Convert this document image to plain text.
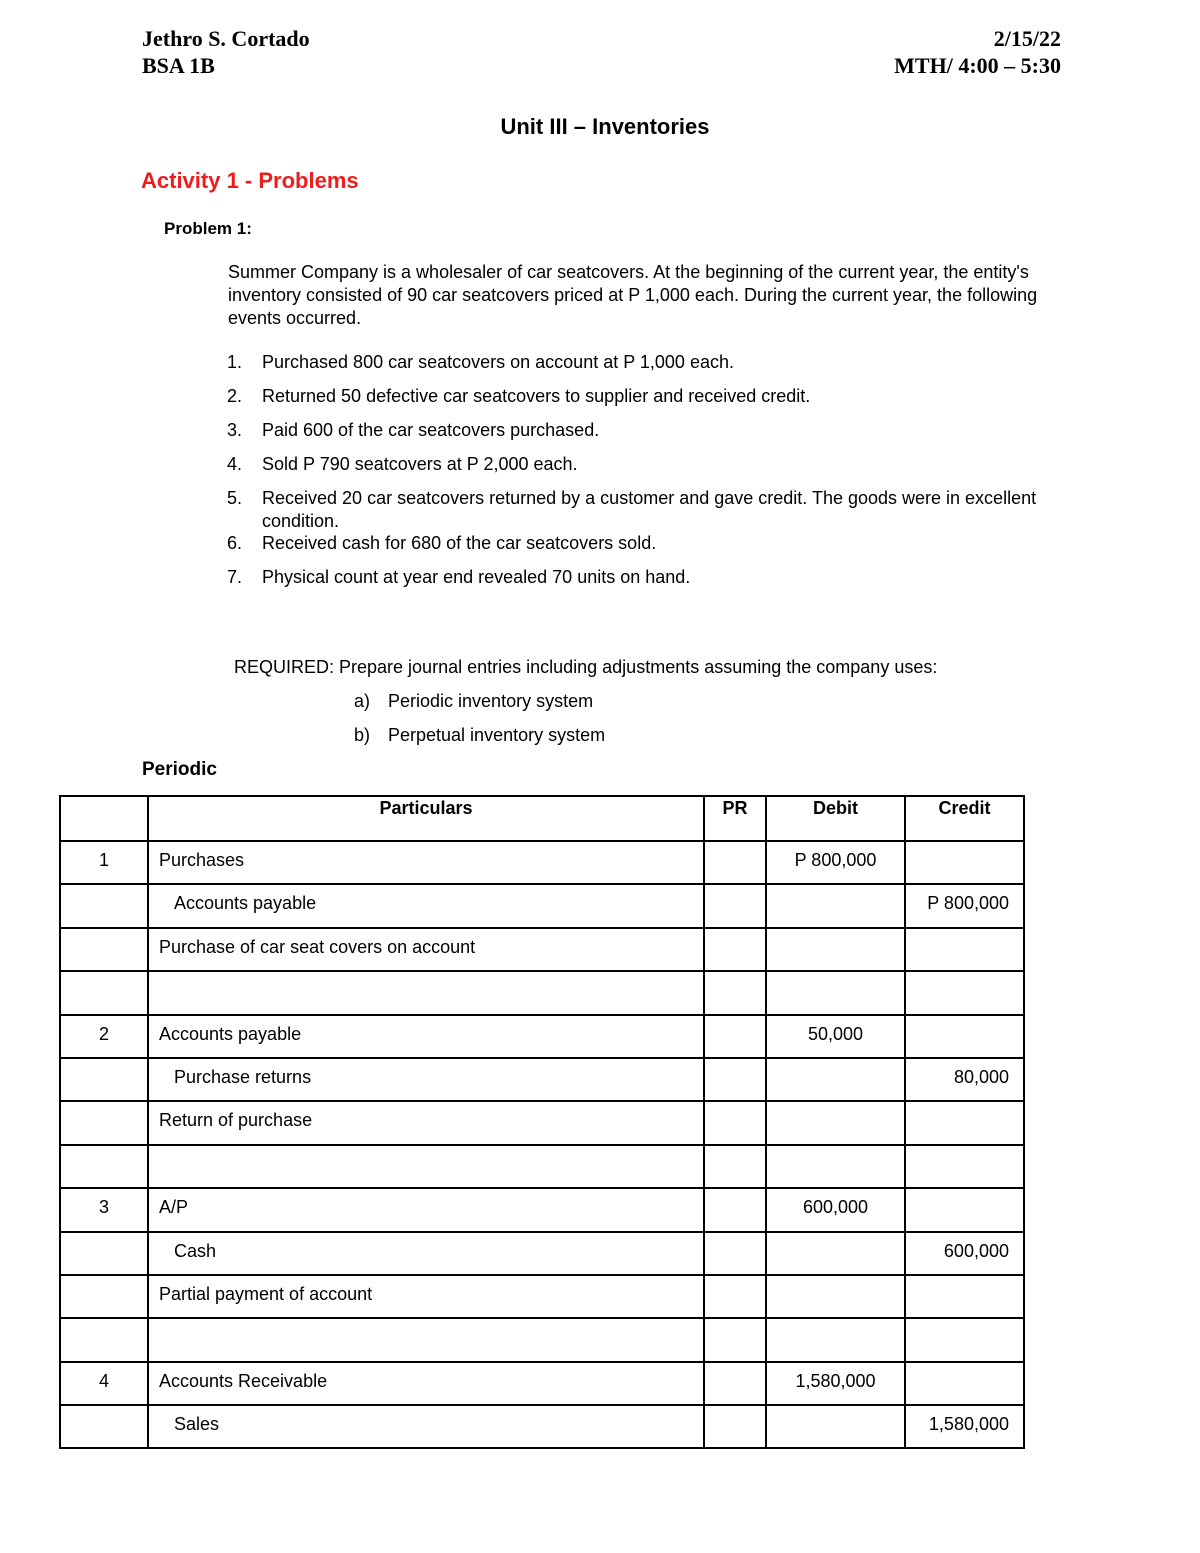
Jethro S. Cortado
BSA 1B
2/15/22
MTH/ 4:00 – 5:30
Unit III – Inventories
Activity 1 - Problems
Problem 1:
Summer Company is a wholesaler of car seatcovers. At the beginning of the current year, the entity's inventory consisted of 90 car seatcovers priced at P 1,000 each. During the current year, the following events occurred.
1. Purchased 800 car seatcovers on account at P 1,000 each.
2. Returned 50 defective car seatcovers to supplier and received credit.
3. Paid 600 of the car seatcovers purchased.
4. Sold P 790 seatcovers at P 2,000 each.
5. Received 20 car seatcovers returned by a customer and gave credit. The goods were in excellent condition.
6. Received cash for 680 of the car seatcovers sold.
7. Physical count at year end revealed 70 units on hand.
REQUIRED: Prepare journal entries including adjustments assuming the company uses:
a) Periodic inventory system
b) Perpetual inventory system
Periodic
	Particulars	PR	Debit	Credit
1	Purchases		P 800,000	
	Accounts payable			P 800,000
	Purchase of car seat covers on account			

2	Accounts payable		50,000	
	Purchase returns			80,000
	Return of purchase			

3	A/P		600,000	
	Cash			600,000
	Partial payment of account			

4	Accounts Receivable		1,580,000	
	Sales			1,580,000
